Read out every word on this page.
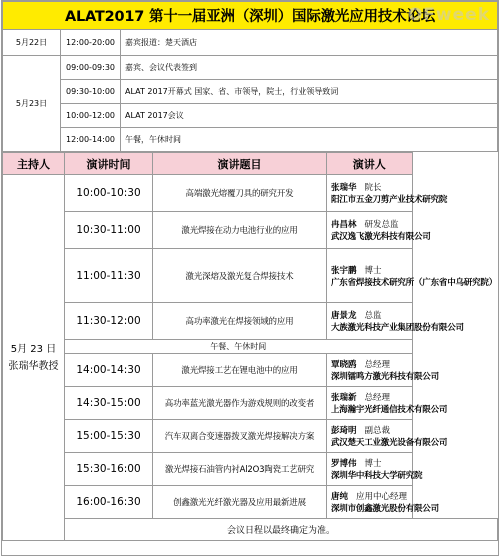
OFweek
ALAT2017 第十一届亚洲（深圳）国际激光应用技术论坛		
5月22日	12:00-20:00	嘉宾报道：楚天酒店
5月23日	09:00-09:30	嘉宾、会议代表签到
	09:30-10:00	ALAT 2017开幕式 国家、省、市领导，院士，行业领导致词
	10:00-12:00	ALAT 2017会议
	12:00-14:00	午餐，午休时间
主持人	演讲时间	演讲题目	演讲人
5月 23 日 张瑞华教授	10:00-10:30	高端激光熔覆刀具的研究开发	张瑞华 院长
阳江市五金刀剪产业技术研究院

	10:30-11:00	激光焊接在动力电池行业的应用	冉昌林 研发总监
武汉逸飞激光科技有限公司

	11:00-11:30	激光深熔及激光复合焊接技术	张宇鹏 博士
广东省焊接技术研究所（广东省中乌研究院）

	11:30-12:00	高功率激光在焊接领域的应用	唐景龙 总监
大族激光科技产业集团股份有限公司

	午餐、午休时间		
	14:00-14:30	激光焊接工艺在锂电池中的应用	覃晓鸥 总经理
深圳镭鸣方激光科技有限公司

	14:30-15:00	高功率蓝光激光器作为游戏规则的改变者	张瑞新 总经理
上海瀚宇光纤通信技术有限公司

	15:00-15:30	汽车双离合变速器拨叉激光焊接解决方案	彭琦明 副总裁
武汉楚天工业激光设备有限公司

	15:30-16:00	激光焊接石油管内衬Al2O3陶瓷工艺研究	罗博伟 博士
深圳华中科技大学研究院

	16:00-16:30	创鑫激光光纤激光器及应用最新进展	唐纯 应用中心经理
深圳市创鑫激光股份有限公司

	会议日程以最终确定为准。		
